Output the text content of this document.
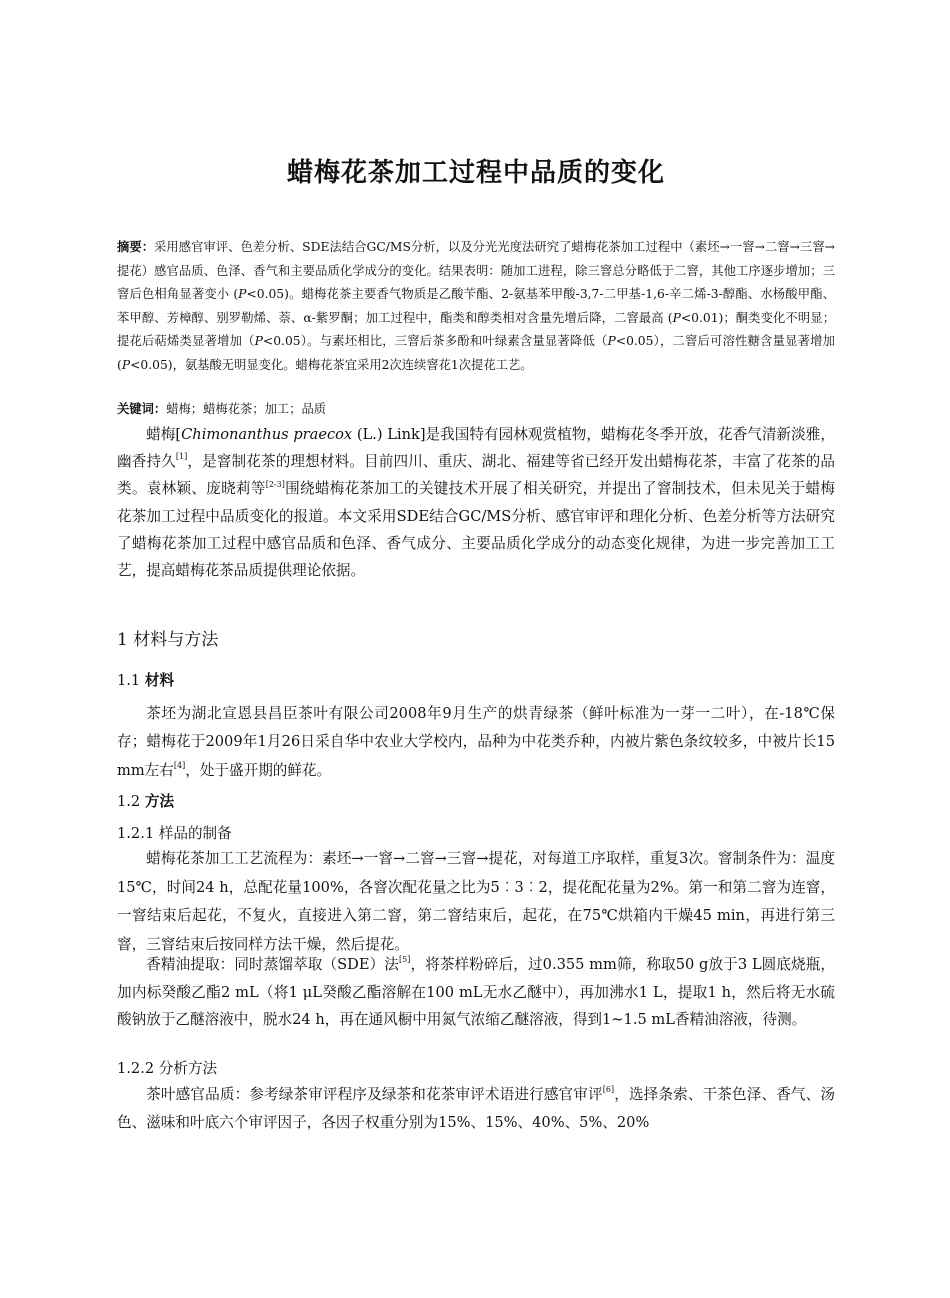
蜡梅花茶加工过程中品质的变化

摘要：采用感官审评、色差分析、SDE法结合GC/MS分析，以及分光光度法研究了蜡梅花茶加工过程中（素坯→一窨→二窨→三窨→提花）感官品质、色泽、香气和主要品质化学成分的变化。结果表明：随加工进程，除三窨总分略低于二窨，其他工序逐步增加；三窨后色相角显著变小 (P<0.05)。蜡梅花茶主要香气物质是乙酸苄酯、2-氨基苯甲酸-3,7-二甲基-1,6-辛二烯-3-醇酯、水杨酸甲酯、苯甲醇、芳樟醇、别罗勒烯、萘、α-紫罗酮；加工过程中，酯类和醇类相对含量先增后降，二窨最高 (P<0.01)；酮类变化不明显；提花后萜烯类显著增加（P<0.05）。与素坯相比，三窨后茶多酚和叶绿素含量显著降低（P<0.05），二窨后可溶性糖含量显著增加 (P<0.05)，氨基酸无明显变化。蜡梅花茶宜采用2次连续窨花1次提花工艺。

关键词：蜡梅；蜡梅花茶；加工；品质

蜡梅[Chimonanthus praecox (L.) Link]是我国特有园林观赏植物，蜡梅花冬季开放，花香气清新淡雅，幽香持久[1]，是窨制花茶的理想材料。目前四川、重庆、湖北、福建等省已经开发出蜡梅花茶，丰富了花茶的品类。袁林颖、庞晓莉等[2-3]围绕蜡梅花茶加工的关键技术开展了相关研究，并提出了窨制技术，但未见关于蜡梅花茶加工过程中品质变化的报道。本文采用SDE结合GC/MS分析、感官审评和理化分析、色差分析等方法研究了蜡梅花茶加工过程中感官品质和色泽、香气成分、主要品质化学成分的动态变化规律，为进一步完善加工工艺，提高蜡梅花茶品质提供理论依据。

1 材料与方法
1.1 材料

茶坯为湖北宣恩县昌臣茶叶有限公司2008年9月生产的烘青绿茶（鲜叶标准为一芽一二叶），在-18℃保存；蜡梅花于2009年1月26日采自华中农业大学校内，品种为中花类乔种，内被片紫色条纹较多，中被片长15 mm左右[4]，处于盛开期的鲜花。

1.2 方法
1.2.1 样品的制备

蜡梅花茶加工工艺流程为：素坯→一窨→二窨→三窨→提花，对每道工序取样，重复3次。窨制条件为：温度15℃，时间24 h，总配花量100%，各窨次配花量之比为5︰3︰2，提花配花量为2%。第一和第二窨为连窨，一窨结束后起花，不复火，直接进入第二窨，第二窨结束后，起花，在75℃烘箱内干燥45 min，再进行第三窨，三窨结束后按同样方法干燥，然后提花。

香精油提取：同时蒸馏萃取（SDE）法[5]，将茶样粉碎后，过0.355 mm筛，称取50 g放于3 L圆底烧瓶，加内标癸酸乙酯2 mL（将1 μL癸酸乙酯溶解在100 mL无水乙醚中），再加沸水1 L，提取1 h，然后将无水硫酸钠放于乙醚溶液中，脱水24 h，再在通风橱中用氮气浓缩乙醚溶液，得到1~1.5 mL香精油溶液，待测。

1.2.2 分析方法

茶叶感官品质：参考绿茶审评程序及绿茶和花茶审评术语进行感官审评[6]，选择条索、干茶色泽、香气、汤色、滋味和叶底六个审评因子，各因子权重分别为15%、15%、40%、5%、20%
